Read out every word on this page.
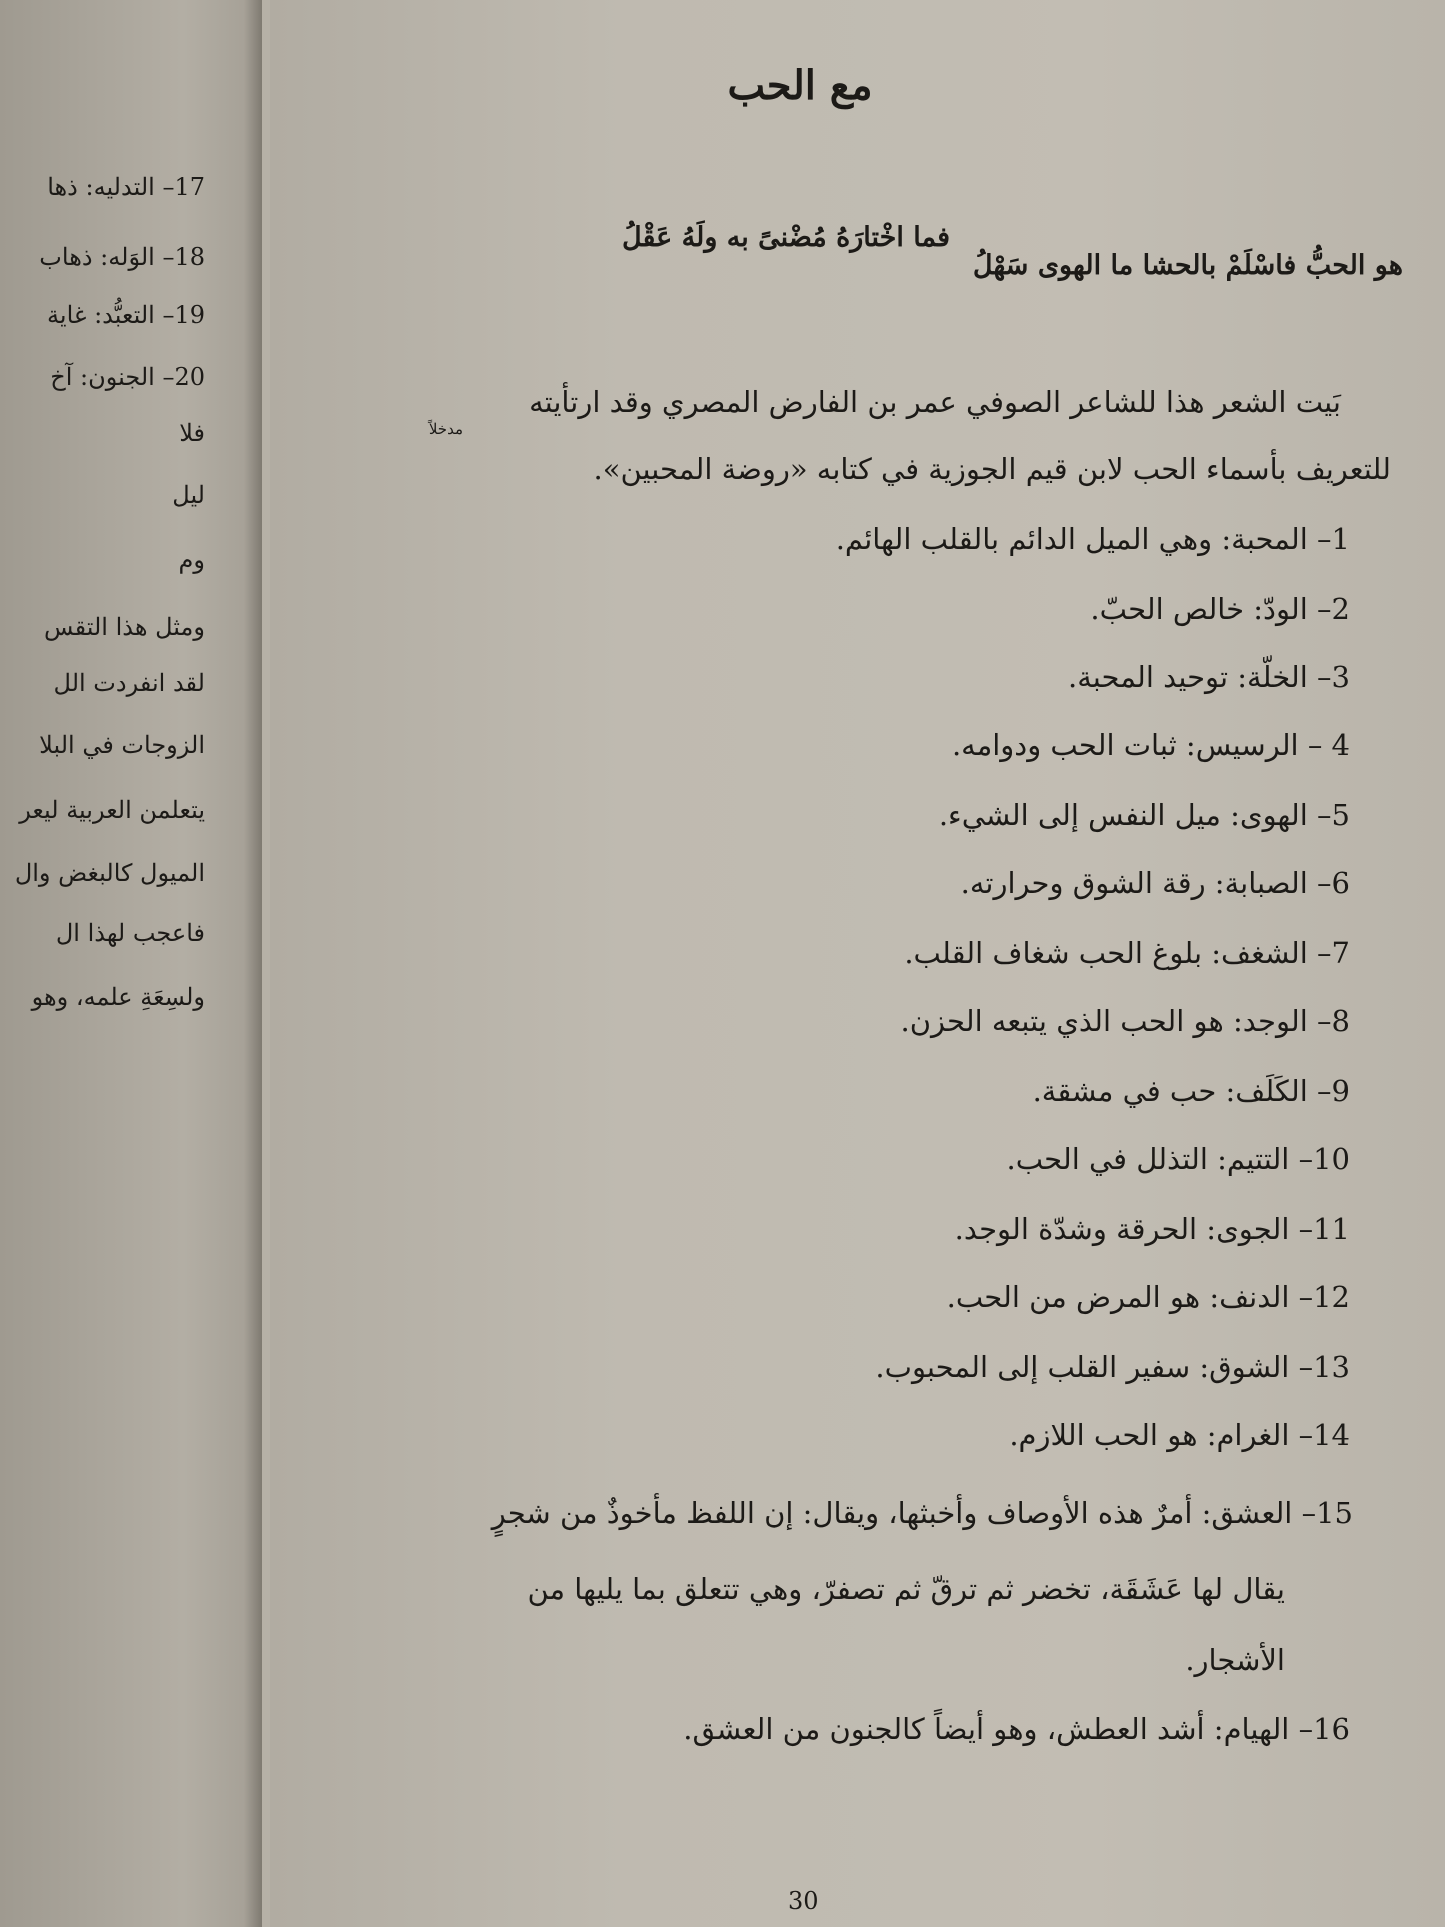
17– التدليه: ذها
18– الوَله: ذهاب
19– التعبُّد: غاية
20– الجنون: آخ
فلا
ليل
وم
ومثل هذا التقس
لقد انفردت الل
الزوجات في البلا
يتعلمن العربية ليعر
الميول كالبغض وال
فاعجب لهذا ال
ولسِعَةِ علمه، وهو
مع الحب
هو الحبُّ فاسْلَمْ بالحشا ما الهوى سَهْلُ
فما اخْتارَهُ مُضْنىً به ولَهُ عَقْلُ
بَيت الشعر هذا للشاعر الصوفي عمر بن الفارض المصري وقد ارتأيته
مدخلاً
للتعريف بأسماء الحب لابن قيم الجوزية في كتابه «روضة المحبين».
1– المحبة: وهي الميل الدائم بالقلب الهائم.
2– الودّ: خالص الحبّ.
3– الخلّة: توحيد المحبة.
4 – الرسيس: ثبات الحب ودوامه.
5– الهوى: ميل النفس إلى الشيء.
6– الصبابة: رقة الشوق وحرارته.
7– الشغف: بلوغ الحب شغاف القلب.
8– الوجد: هو الحب الذي يتبعه الحزن.
9– الكَلَف: حب في مشقة.
10– التتيم: التذلل في الحب.
11– الجوى: الحرقة وشدّة الوجد.
12– الدنف: هو المرض من الحب.
13– الشوق: سفير القلب إلى المحبوب.
14– الغرام: هو الحب اللازم.
15– العشق: أمرٌ هذه الأوصاف وأخبثها، ويقال: إن اللفظ مأخوذٌ من شجرٍ
يقال لها عَشَقَة، تخضر ثم ترقّ ثم تصفرّ، وهي تتعلق بما يليها من
الأشجار.
16– الهيام: أشد العطش، وهو أيضاً كالجنون من العشق.
30
